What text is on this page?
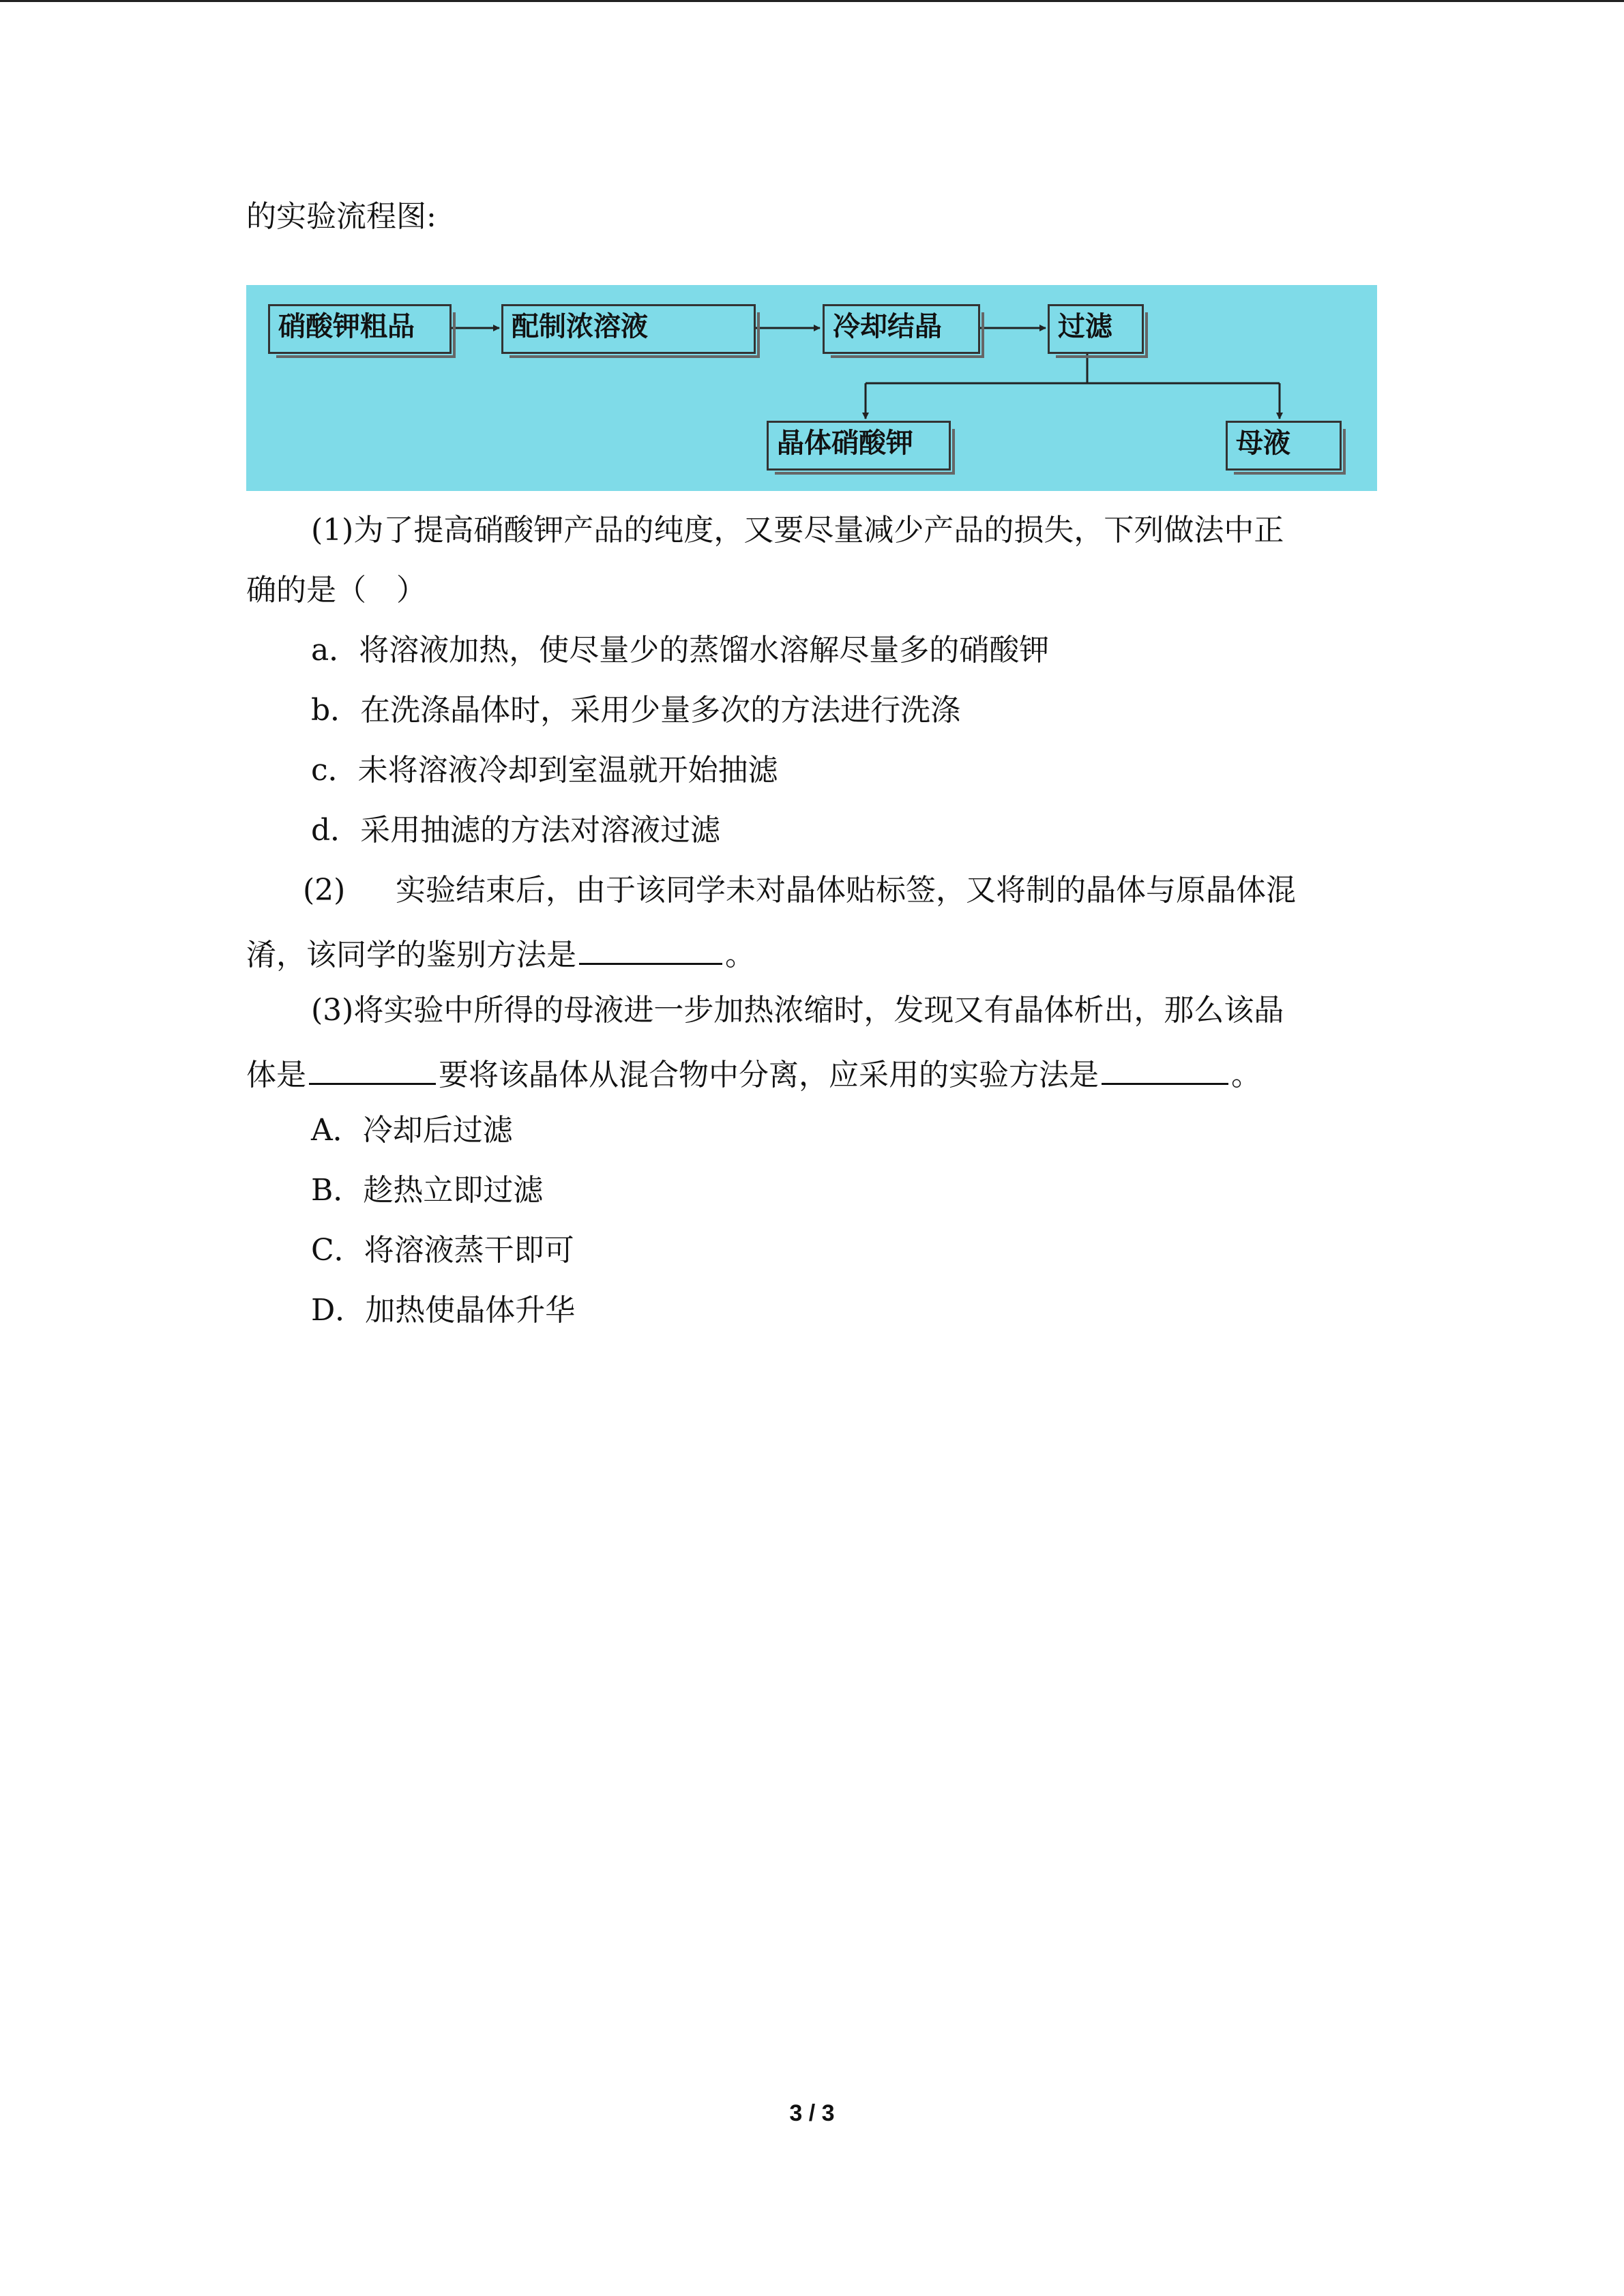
的实验流程图:
硝酸钾粗品	配制浓溶液	冷却结晶	过滤
晶体硝酸钾	母液
(1)为了提高硝酸钾产品的纯度，又要尽量减少产品的损失，下列做法中正
确的是（　）
a．将溶液加热，使尽量少的蒸馏水溶解尽量多的硝酸钾
b．在洗涤晶体时，采用少量多次的方法进行洗涤
c．未将溶液冷却到室温就开始抽滤
d．采用抽滤的方法对溶液过滤
(2) 实验结束后，由于该同学未对晶体贴标签，又将制的晶体与原晶体混
淆，该同学的鉴别方法是	。
(3)将实验中所得的母液进一步加热浓缩时，发现又有晶体析出，那么该晶
体是	要将该晶体从混合物中分离，应采用的实验方法是	。
A．冷却后过滤
B．趁热立即过滤
C．将溶液蒸干即可
D．加热使晶体升华
3 / 3
